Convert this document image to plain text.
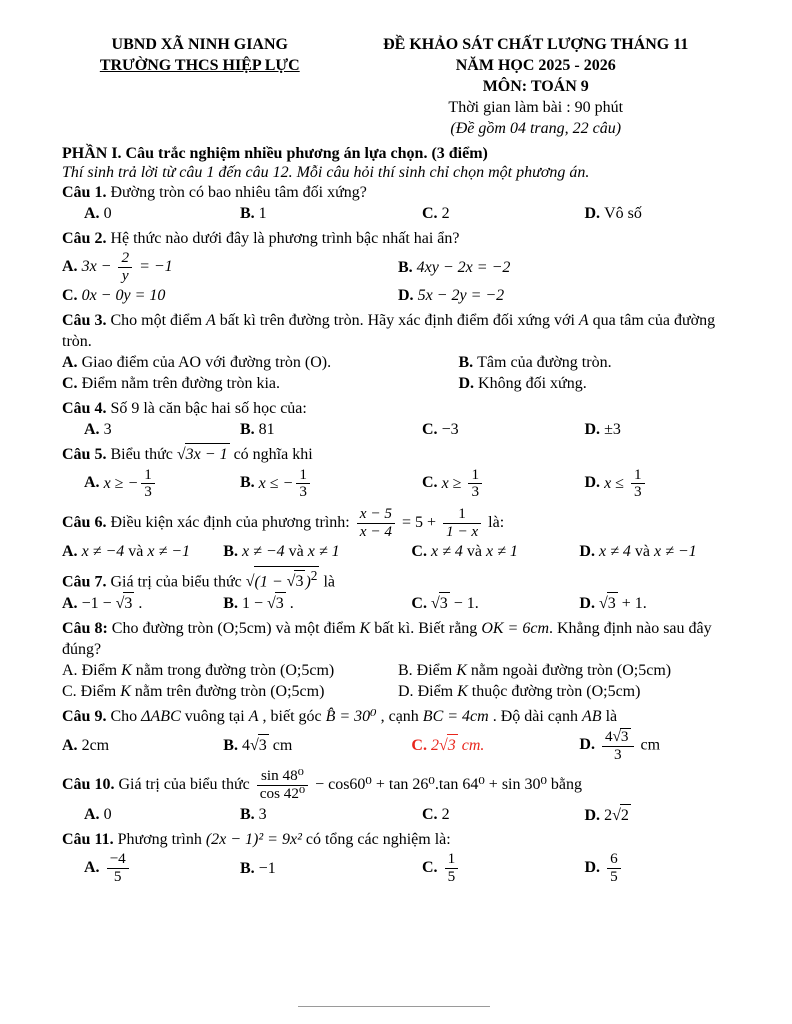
UBND XÃ NINH GIANG
TRƯỜNG THCS HIỆP LỰC
ĐỀ KHẢO SÁT CHẤT LƯỢNG THÁNG 11
NĂM HỌC 2025 - 2026
MÔN: TOÁN 9
Thời gian làm bài : 90 phút
(Đề gồm 04 trang, 22 câu)
PHẦN I. Câu trắc nghiệm nhiều phương án lựa chọn. (3 điểm)
Thí sinh trả lời từ câu 1 đến câu 12. Mỗi câu hỏi thí sinh chỉ chọn một phương án.

Câu 1. Đường tròn có bao nhiêu tâm đối xứng?

A. 0	B. 1	C. 2	D. Vô số

Câu 2. Hệ thức nào dưới đây là phương trình bậc nhất hai ẩn?

A. $3x - \frac{2}{y} = -1$	B. 4xy − 2x = −2
C. 0x − 0y = 10	D. 5x − 2y = −2

Câu 3. Cho một điểm A bất kì trên đường tròn. Hãy xác định điểm đối xứng với A qua tâm của đường tròn.

A. Giao điểm của AO với đường tròn (O).	B. Tâm của đường tròn.
C. Điểm nằm trên đường tròn kia.	D. Không đối xứng.

Câu 4. Số 9 là căn bậc hai số học của:

A. 3	B. 81	C. −3	D. ±3

Câu 5. Biểu thức √3x − 1 có nghĩa khi

A. x ≥ − $\frac{1}{3}$	B. x ≤ − $\frac{1}{3}$	C. $x \ge \frac{1}{3}$	D. $x \le \frac{1}{3}$

Câu 6. Điều kiện xác định của phương trình: $\frac{x - 5}{x - 4} = 5 + \frac{1}{1 - x}$ là:

A. x ≠ −4 và x ≠ −1	B. x ≠ −4 và x ≠ 1	C. x ≠ 4 và x ≠ 1	D. x ≠ 4 và x ≠ −1

Câu 7. Giá trị của biểu thức √(1 − √3 )$^2$ là

A. −1 − √3 .	B. 1 − √3 .	C. √3 − 1.	D. √3 + 1.

Câu 8: Cho đường tròn (O;5cm) và một điểm K bất kì. Biết rằng OK = 6cm. Khẳng định nào sau đây đúng?

A. Điểm K nằm trong đường tròn (O;5cm)	B. Điểm K nằm ngoài đường tròn (O;5cm)
C. Điểm K nằm trên đường tròn (O;5cm)	D. Điểm K thuộc đường tròn (O;5cm)

Câu 9. Cho ΔABC vuông tại A , biết góc B̂ = 30⁰ , cạnh BC = 4cm . Độ dài cạnh AB là

A. 2cm	B. 4√3 cm	C. 2√3 cm.	D. $\frac{4√3}{3}$ cm

Câu 10. Giá trị của biểu thức $\frac{\text{sin 48⁰}}{\text{cos 42⁰}} - \cos 60^0 + \tan 26^0.\tan$ 64⁰ + sin 30⁰ bằng

A. 0	B. 3	C. 2	D. 2√2

Câu 11. Phương trình (2x − 1)² = 9x² có tổng các nghiệm là:

A. $\frac{-4}{5}$	B. −1	C. $\frac{1}{5}$	D. $\frac{6}{5}$
